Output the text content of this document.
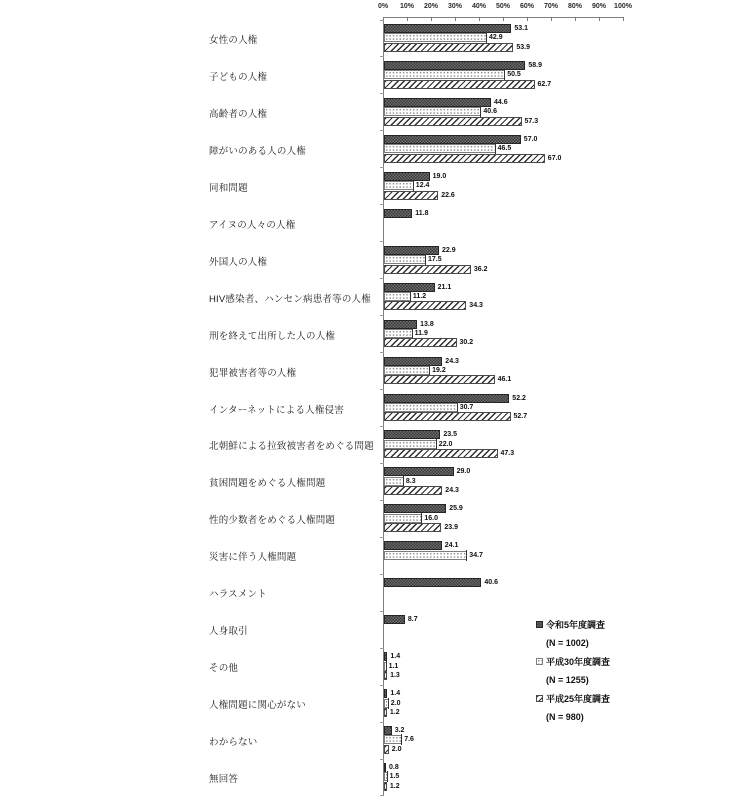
0%	10%	20%	30%	40%	50%	60%	70%	80%	90%	100%
女性の人権
53.1
42.9
53.9
子どもの人権
58.9
50.5
62.7
高齢者の人権
44.6
40.6
57.3
障がいのある人の人権
57.0
46.5
67.0
同和問題
19.0
12.4
22.6
アイヌの人々の人権
11.8
外国人の人権
22.9
17.5
36.2
HIV感染者、ハンセン病患者等の人権
21.1
11.2
34.3
刑を終えて出所した人の人権
13.8
11.9
30.2
犯罪被害者等の人権
24.3
19.2
46.1
インターネットによる人権侵害
52.2
30.7
52.7
北朝鮮による拉致被害者をめぐる問題
23.5
22.0
47.3
貧困問題をめぐる人権問題
29.0
8.3
24.3
性的少数者をめぐる人権問題
25.9
16.0
23.9
災害に伴う人権問題
24.1
34.7
ハラスメント
40.6
人身取引
8.7
その他
1.4
1.1
1.3
人権問題に関心がない
1.4
2.0
1.2
わからない
3.2
7.6
2.0
無回答
0.8
1.5
1.2
令和5年度調査
(N = 1002)
平成30年度調査
(N = 1255)
平成25年度調査
(N = 980)
